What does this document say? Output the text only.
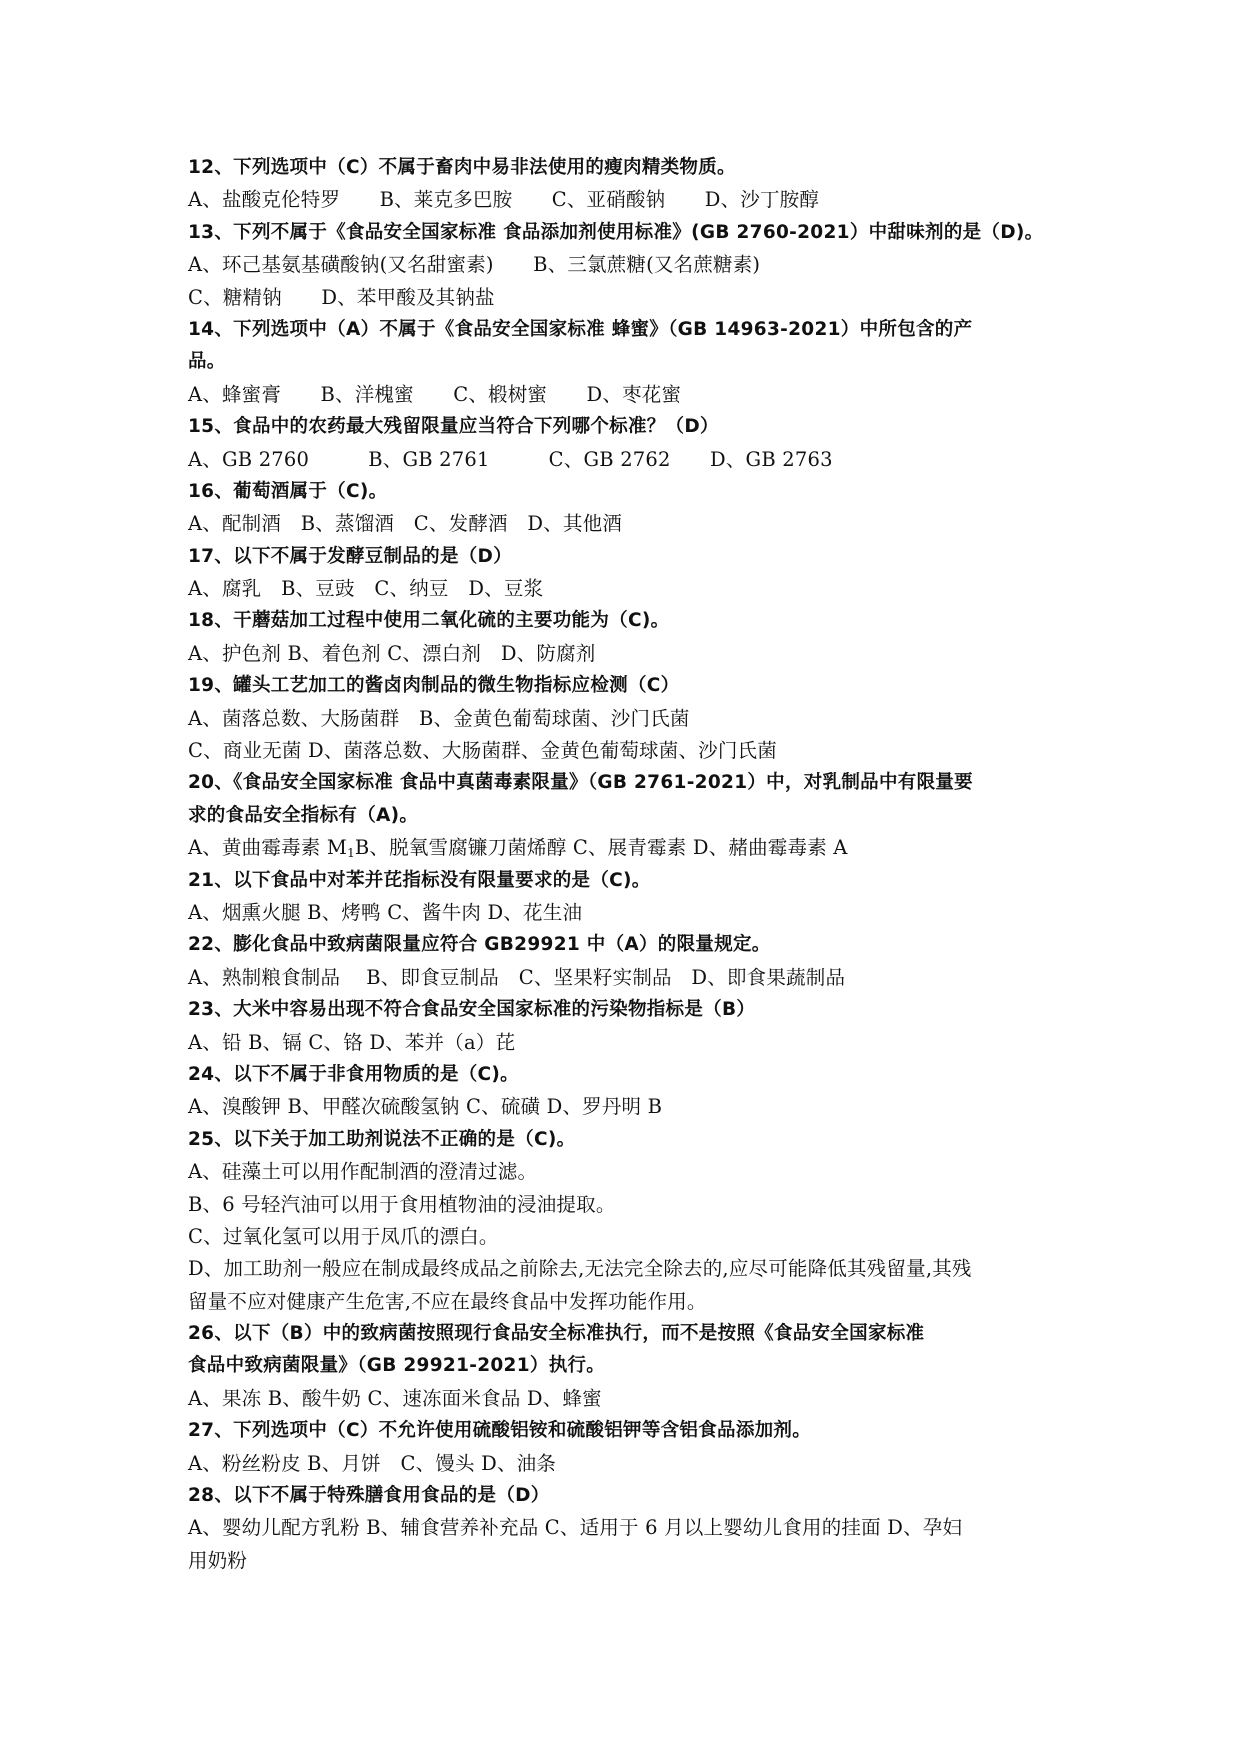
12、下列选项中（C）不属于畜肉中易非法使用的瘦肉精类物质。
A、盐酸克伦特罗　　B、莱克多巴胺　　C、亚硝酸钠　　D、沙丁胺醇
13、下列不属于《食品安全国家标准 食品添加剂使用标准》(GB 2760-2021）中甜味剂的是（D)。
A、环己基氨基磺酸钠(又名甜蜜素)　　B、三氯蔗糖(又名蔗糖素)
C、糖精钠　　D、苯甲酸及其钠盐
14、下列选项中（A）不属于《食品安全国家标准 蜂蜜》（GB 14963-2021）中所包含的产
品。
A、蜂蜜膏　　B、洋槐蜜　　C、椴树蜜　　D、枣花蜜
15、食品中的农药最大残留限量应当符合下列哪个标准？（D）
A、GB 2760　　　B、GB 2761　　　C、GB 2762　　D、GB 2763
16、葡萄酒属于（C)。
A、配制酒　B、蒸馏酒　C、发酵酒　D、其他酒
17、以下不属于发酵豆制品的是（D）
A、腐乳　B、豆豉　C、纳豆　D、豆浆
18、干蘑菇加工过程中使用二氧化硫的主要功能为（C)。
A、护色剂 B、着色剂 C、漂白剂　D、防腐剂
19、罐头工艺加工的酱卤肉制品的微生物指标应检测（C）
A、菌落总数、大肠菌群　B、金黄色葡萄球菌、沙门氏菌
C、商业无菌 D、菌落总数、大肠菌群、金黄色葡萄球菌、沙门氏菌
20、《食品安全国家标准 食品中真菌毒素限量》（GB 2761-2021）中，对乳制品中有限量要
求的食品安全指标有（A)。
A、黄曲霉毒素 $M_1B$、脱氧雪腐镰刀菌烯醇 C、展青霉素 D、赭曲霉毒素 A
21、以下食品中对苯并芘指标没有限量要求的是（C)。
A、烟熏火腿 B、烤鸭 C、酱牛肉 D、花生油
22、膨化食品中致病菌限量应符合 GB29921 中（A）的限量规定。
A、熟制粮食制品　 B、即食豆制品　C、坚果籽实制品　D、即食果蔬制品
23、大米中容易出现不符合食品安全国家标准的污染物指标是（B）
A、铅 B、镉 C、铬 D、苯并（a）芘
24、以下不属于非食用物质的是（C)。
A、溴酸钾 B、甲醛次硫酸氢钠 C、硫磺 D、罗丹明 B
25、以下关于加工助剂说法不正确的是（C)。
A、硅藻土可以用作配制酒的澄清过滤。
B、6 号轻汽油可以用于食用植物油的浸油提取。
C、过氧化氢可以用于凤爪的漂白。
D、加工助剂一般应在制成最终成品之前除去,无法完全除去的,应尽可能降低其残留量,其残
留量不应对健康产生危害,不应在最终食品中发挥功能作用。
26、以下（B）中的致病菌按照现行食品安全标准执行，而不是按照《食品安全国家标准
食品中致病菌限量》（GB 29921-2021）执行。
A、果冻 B、酸牛奶 C、速冻面米食品 D、蜂蜜
27、下列选项中（C）不允许使用硫酸铝铵和硫酸铝钾等含铝食品添加剂。
A、粉丝粉皮 B、月饼　C、馒头 D、油条
28、以下不属于特殊膳食用食品的是（D）
A、婴幼儿配方乳粉 B、辅食营养补充品 C、适用于 6 月以上婴幼儿食用的挂面 D、孕妇
用奶粉
